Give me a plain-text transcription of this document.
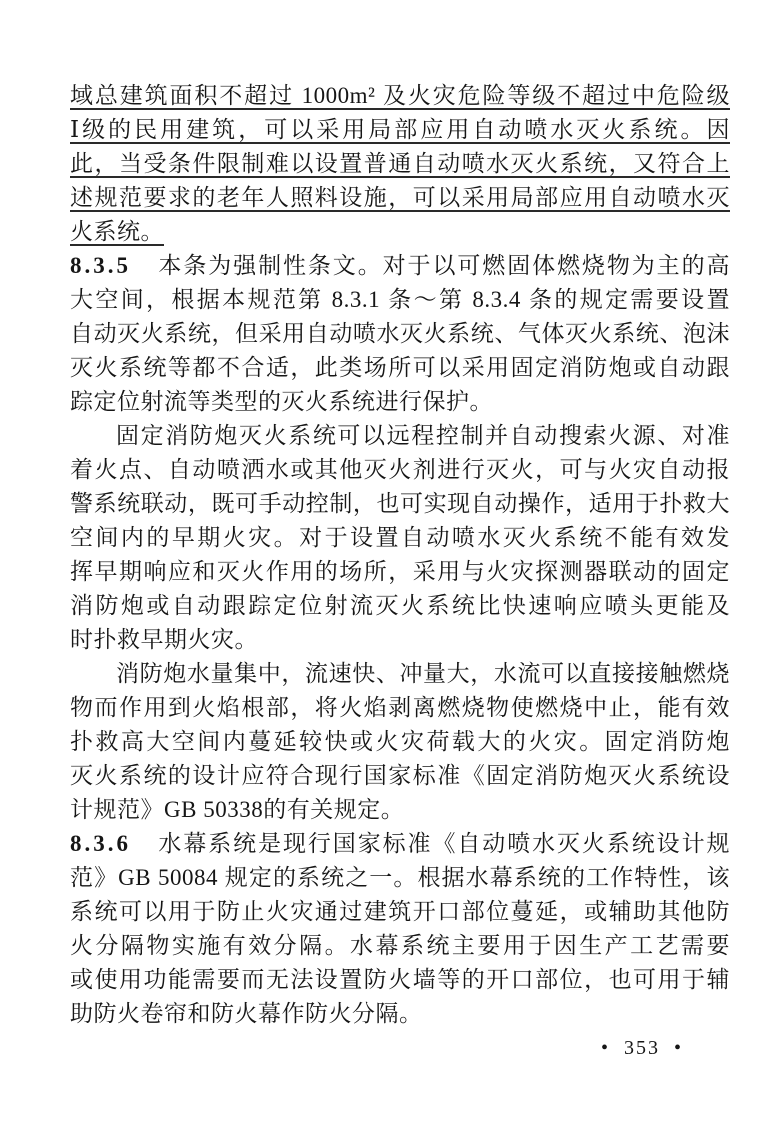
域总建筑面积不超过 1000m² 及火灾危险等级不超过中危险级
Ⅰ级的民用建筑，可以采用局部应用自动喷水灭火系统。因
此，当受条件限制难以设置普通自动喷水灭火系统，又符合上
述规范要求的老年人照料设施，可以采用局部应用自动喷水灭
火系统。
8.3.5 本条为强制性条文。对于以可燃固体燃烧物为主的高
大空间，根据本规范第 8.3.1 条～第 8.3.4 条的规定需要设置
自动灭火系统，但采用自动喷水灭火系统、气体灭火系统、泡沫
灭火系统等都不合适，此类场所可以采用固定消防炮或自动跟
踪定位射流等类型的灭火系统进行保护。
固定消防炮灭火系统可以远程控制并自动搜索火源、对准
着火点、自动喷洒水或其他灭火剂进行灭火，可与火灾自动报
警系统联动，既可手动控制，也可实现自动操作，适用于扑救大
空间内的早期火灾。对于设置自动喷水灭火系统不能有效发
挥早期响应和灭火作用的场所，采用与火灾探测器联动的固定
消防炮或自动跟踪定位射流灭火系统比快速响应喷头更能及
时扑救早期火灾。
消防炮水量集中，流速快、冲量大，水流可以直接接触燃烧
物而作用到火焰根部，将火焰剥离燃烧物使燃烧中止，能有效
扑救高大空间内蔓延较快或火灾荷载大的火灾。固定消防炮
灭火系统的设计应符合现行国家标准《固定消防炮灭火系统设
计规范》GB 50338的有关规定。
8.3.6 水幕系统是现行国家标准《自动喷水灭火系统设计规
范》GB 50084 规定的系统之一。根据水幕系统的工作特性，该
系统可以用于防止火灾通过建筑开口部位蔓延，或辅助其他防
火分隔物实施有效分隔。水幕系统主要用于因生产工艺需要
或使用功能需要而无法设置防火墙等的开口部位，也可用于辅
助防火卷帘和防火幕作防火分隔。
• 353 •
